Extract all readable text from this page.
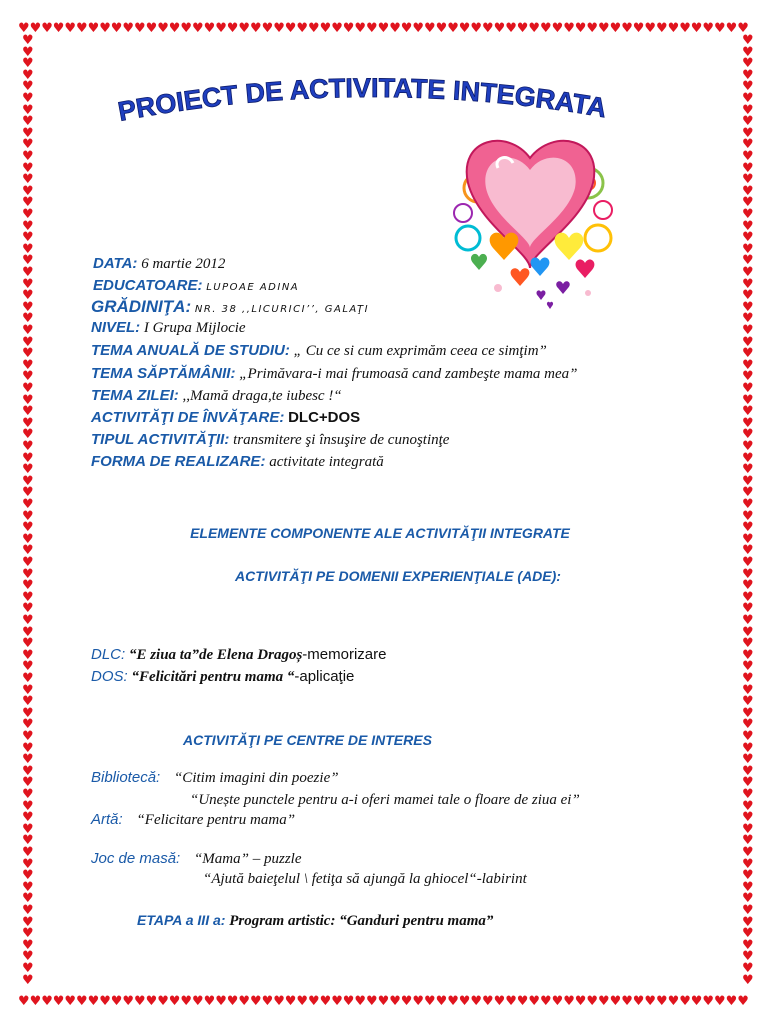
♥
♥
♥
♥
♥
♥
♥
♥
♥
♥
♥
♥
♥
♥
♥
♥
♥
♥
♥
♥
♥
♥
♥
♥
♥
♥
♥
♥
♥
♥
♥
♥
♥
♥
♥
♥
♥
♥
♥
♥
♥
♥
♥
♥
♥
♥
♥
♥
♥
♥
♥
♥
♥
♥
♥
♥
♥
♥
♥
♥
♥
♥
♥
♥
♥
♥
♥
♥
♥
♥
♥
♥
♥
♥
♥
♥
♥
♥
♥
♥
♥
♥
♥
♥
♥
♥
♥
♥
♥
♥
♥
♥
♥
♥
♥
♥
♥
♥
♥
♥
♥
♥
♥
♥
♥
♥
♥
♥
♥
♥
♥
♥
♥
♥
♥
♥
♥
♥
♥
♥
♥
♥
♥
♥
♥
♥
♥	♥
♥	♥
♥	♥
♥	♥
♥	♥
♥	♥
♥	♥
♥	♥
♥	♥
♥	♥
♥	♥
♥	♥
♥	♥
♥	♥
♥	♥
♥	♥
♥	♥
♥	♥
♥	♥
♥	♥
♥	♥
♥	♥
♥	♥
♥	♥
♥	♥
♥	♥
♥	♥
♥	♥
♥	♥
♥	♥
♥	♥
♥	♥
♥	♥
♥	♥
♥	♥
♥	♥
♥	♥
♥	♥
♥	♥
♥	♥
♥	♥
♥	♥
♥	♥
♥	♥
♥	♥
♥	♥
♥	♥
♥	♥
♥	♥
♥	♥
♥	♥
♥	♥
♥	♥
♥	♥
♥	♥
♥	♥
♥	♥
♥	♥
♥	♥
♥	♥
♥	♥
♥	♥
♥	♥
♥	♥
♥	♥
♥	♥
♥	♥
♥	♥
♥	♥
♥	♥
♥	♥
♥	♥
♥	♥
♥	♥
♥	♥
♥	♥
♥	♥
♥	♥
♥	♥
♥	♥
♥	♥
♥	♥
PROIECT DE ACTIVITATE INTEGRATA
DATA: 6 martie 2012
EDUCATOARE: LUPOAE ADINA
GRĂDINIŢA: NR. 38 ,,LICURICI’’, GALAŢI
NIVEL: I Grupa Mijlocie
TEMA ANUALĂ DE STUDIU: „ Cu ce si cum exprimăm ceea ce simţim”
TEMA SĂPTĂMÂNII: „Primăvara-i mai frumoasă cand zambeşte mama mea”
TEMA ZILEI: ,,Mamă draga,te iubesc !“
ACTIVITĂŢI DE ÎNVĂŢARE: DLC+DOS
TIPUL ACTIVITĂŢII: transmitere şi însuşire de cunoştinţe
FORMA DE REALIZARE: activitate integrată
ELEMENTE COMPONENTE ALE ACTIVITĂŢII INTEGRATE
ACTIVITĂŢI PE DOMENII EXPERIENŢIALE (ADE):
DLC: “E ziua ta”de Elena Dragoș-memorizare
DOS: “Felicitări pentru mama “-aplicaţie
ACTIVITĂŢI PE CENTRE DE INTERES
Bibliotecă: “Citim imagini din poezie”
“Unește punctele pentru a-i oferi mamei tale o floare de ziua ei”
Artă: “Felicitare pentru mama”
Joc de masă: “Mama” – puzzle
“Ajută baieţelul \ fetiţa să ajungă la ghiocel“-labirint
ETAPA a III a: Program artistic: “Ganduri pentru mama”
